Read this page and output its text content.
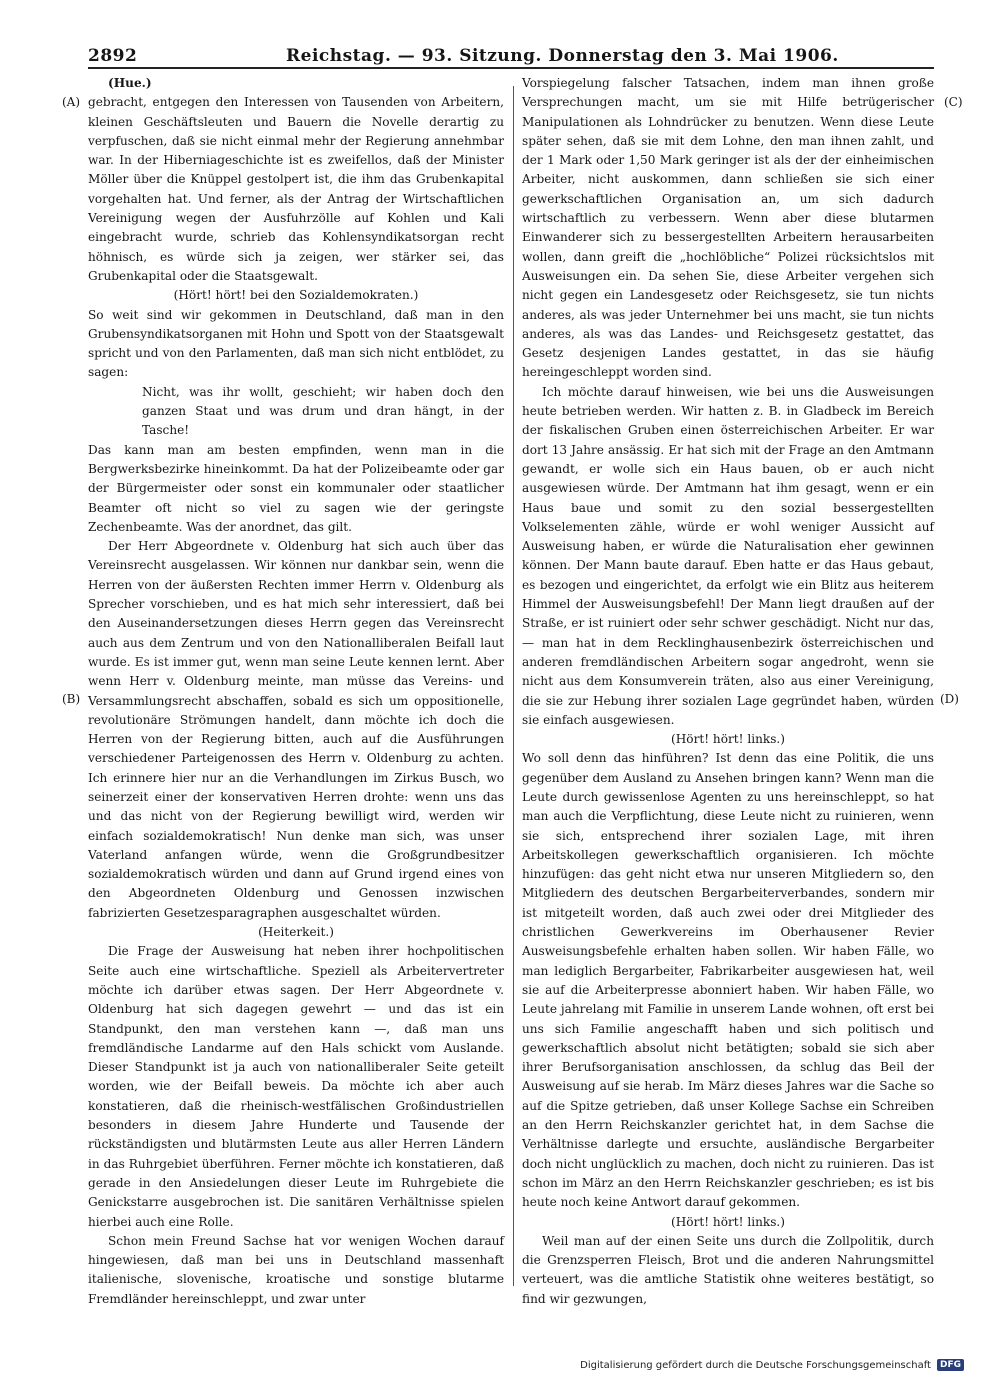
2892	Reichstag. — 93. Sitzung. Donnerstag den 3. Mai 1906.
(A)
(B)
(C)
(D)

(Hue.)

gebracht, entgegen den Interessen von Tausenden von Arbeitern, kleinen Geschäftsleuten und Bauern die Novelle derartig zu verpfuschen, daß sie nicht einmal mehr der Regierung annehmbar war. In der Hiberniageschichte ist es zweifellos, daß der Minister Möller über die Knüppel gestolpert ist, die ihm das Grubenkapital vorgehalten hat. Und ferner, als der Antrag der Wirtschaftlichen Vereinigung wegen der Ausfuhrzölle auf Kohlen und Kali eingebracht wurde, schrieb das Kohlensyndikatsorgan recht höhnisch, es würde sich ja zeigen, wer stärker sei, das Grubenkapital oder die Staatsgewalt.

(Hört! hört! bei den Sozialdemokraten.)

So weit sind wir gekommen in Deutschland, daß man in den Grubensyndikatsorganen mit Hohn und Spott von der Staatsgewalt spricht und von den Parlamenten, daß man sich nicht entblödet, zu sagen:

Nicht, was ihr wollt, geschieht; wir haben doch den ganzen Staat und was drum und dran hängt, in der Tasche!

Das kann man am besten empfinden, wenn man in die Bergwerksbezirke hineinkommt. Da hat der Polizeibeamte oder gar der Bürgermeister oder sonst ein kommunaler oder staatlicher Beamter oft nicht so viel zu sagen wie der geringste Zechenbeamte. Was der anordnet, das gilt.

Der Herr Abgeordnete v. Oldenburg hat sich auch über das Vereinsrecht ausgelassen. Wir können nur dankbar sein, wenn die Herren von der äußersten Rechten immer Herrn v. Oldenburg als Sprecher vorschieben, und es hat mich sehr interessiert, daß bei den Auseinandersetzungen dieses Herrn gegen das Vereinsrecht auch aus dem Zentrum und von den Nationalliberalen Beifall laut wurde. Es ist immer gut, wenn man seine Leute kennen lernt. Aber wenn Herr v. Oldenburg meinte, man müsse das Vereins- und Versammlungsrecht abschaffen, sobald es sich um oppositionelle, revolutionäre Strömungen handelt, dann möchte ich doch die Herren von der Regierung bitten, auch auf die Ausführungen verschiedener Parteigenossen des Herrn v. Oldenburg zu achten. Ich erinnere hier nur an die Verhandlungen im Zirkus Busch, wo seinerzeit einer der konservativen Herren drohte: wenn uns das und das nicht von der Regierung bewilligt wird, werden wir einfach sozialdemokratisch! Nun denke man sich, was unser Vaterland anfangen würde, wenn die Großgrundbesitzer sozialdemokratisch würden und dann auf Grund irgend eines von den Abgeordneten Oldenburg und Genossen inzwischen fabrizierten Gesetzesparagraphen ausgeschaltet würden.

(Heiterkeit.)

Die Frage der Ausweisung hat neben ihrer hochpolitischen Seite auch eine wirtschaftliche. Speziell als Arbeitervertreter möchte ich darüber etwas sagen. Der Herr Abgeordnete v. Oldenburg hat sich dagegen gewehrt — und das ist ein Standpunkt, den man verstehen kann —, daß man uns fremdländische Landarme auf den Hals schickt vom Auslande. Dieser Standpunkt ist ja auch von nationalliberaler Seite geteilt worden, wie der Beifall beweis. Da möchte ich aber auch konstatieren, daß die rheinisch-westfälischen Großindustriellen besonders in diesem Jahre Hunderte und Tausende der rückständigsten und blutärmsten Leute aus aller Herren Ländern in das Ruhrgebiet überführen. Ferner möchte ich konstatieren, daß gerade in den Ansiedelungen dieser Leute im Ruhrgebiete die Genickstarre ausgebrochen ist. Die sanitären Verhältnisse spielen hierbei auch eine Rolle.

Schon mein Freund Sachse hat vor wenigen Wochen darauf hingewiesen, daß man bei uns in Deutschland massenhaft italienische, slovenische, kroatische und sonstige blutarme Fremdländer hereinschleppt, und zwar unter

Vorspiegelung falscher Tatsachen, indem man ihnen große Versprechungen macht, um sie mit Hilfe betrügerischer Manipulationen als Lohndrücker zu benutzen. Wenn diese Leute später sehen, daß sie mit dem Lohne, den man ihnen zahlt, und der 1 Mark oder 1,50 Mark geringer ist als der der einheimischen Arbeiter, nicht auskommen, dann schließen sie sich einer gewerkschaftlichen Organisation an, um sich dadurch wirtschaftlich zu verbessern. Wenn aber diese blutarmen Einwanderer sich zu bessergestellten Arbeitern herausarbeiten wollen, dann greift die „hochlöbliche“ Polizei rücksichtslos mit Ausweisungen ein. Da sehen Sie, diese Arbeiter vergehen sich nicht gegen ein Landesgesetz oder Reichsgesetz, sie tun nichts anderes, als was jeder Unternehmer bei uns macht, sie tun nichts anderes, als was das Landes- und Reichsgesetz gestattet, das Gesetz desjenigen Landes gestattet, in das sie häufig hereingeschleppt worden sind.

Ich möchte darauf hinweisen, wie bei uns die Ausweisungen heute betrieben werden. Wir hatten z. B. in Gladbeck im Bereich der fiskalischen Gruben einen österreichischen Arbeiter. Er war dort 13 Jahre ansässig. Er hat sich mit der Frage an den Amtmann gewandt, er wolle sich ein Haus bauen, ob er auch nicht ausgewiesen würde. Der Amtmann hat ihm gesagt, wenn er ein Haus baue und somit zu den sozial bessergestellten Volkselementen zähle, würde er wohl weniger Aussicht auf Ausweisung haben, er würde die Naturalisation eher gewinnen können. Der Mann baute darauf. Eben hatte er das Haus gebaut, es bezogen und eingerichtet, da erfolgt wie ein Blitz aus heiterem Himmel der Ausweisungsbefehl! Der Mann liegt draußen auf der Straße, er ist ruiniert oder sehr schwer geschädigt. Nicht nur das, — man hat in dem Recklinghausenbezirk österreichischen und anderen fremdländischen Arbeitern sogar angedroht, wenn sie nicht aus dem Konsumverein träten, also aus einer Vereinigung, die sie zur Hebung ihrer sozialen Lage gegründet haben, würden sie einfach ausgewiesen.

(Hört! hört! links.)

Wo soll denn das hinführen? Ist denn das eine Politik, die uns gegenüber dem Ausland zu Ansehen bringen kann? Wenn man die Leute durch gewissenlose Agenten zu uns hereinschleppt, so hat man auch die Verpflichtung, diese Leute nicht zu ruinieren, wenn sie sich, entsprechend ihrer sozialen Lage, mit ihren Arbeitskollegen gewerkschaftlich organisieren. Ich möchte hinzufügen: das geht nicht etwa nur unseren Mitgliedern so, den Mitgliedern des deutschen Bergarbeiterverbandes, sondern mir ist mitgeteilt worden, daß auch zwei oder drei Mitglieder des christlichen Gewerkvereins im Oberhausener Revier Ausweisungsbefehle erhalten haben sollen. Wir haben Fälle, wo man lediglich Bergarbeiter, Fabrikarbeiter ausgewiesen hat, weil sie auf die Arbeiterpresse abonniert haben. Wir haben Fälle, wo Leute jahrelang mit Familie in unserem Lande wohnen, oft erst bei uns sich Familie angeschafft haben und sich politisch und gewerkschaftlich absolut nicht betätigten; sobald sie sich aber ihrer Berufsorganisation anschlossen, da schlug das Beil der Ausweisung auf sie herab. Im März dieses Jahres war die Sache so auf die Spitze getrieben, daß unser Kollege Sachse ein Schreiben an den Herrn Reichskanzler gerichtet hat, in dem Sachse die Verhältnisse darlegte und ersuchte, ausländische Bergarbeiter doch nicht unglücklich zu machen, doch nicht zu ruinieren. Das ist schon im März an den Herrn Reichskanzler geschrieben; es ist bis heute noch keine Antwort darauf gekommen.

(Hört! hört! links.)

Weil man auf der einen Seite uns durch die Zollpolitik, durch die Grenzsperren Fleisch, Brot und die anderen Nahrungsmittel verteuert, was die amtliche Statistik ohne weiteres bestätigt, so find wir gezwungen,

Digitalisierung gefördert durch die Deutsche Forschungsgemeinschaft	DFG
